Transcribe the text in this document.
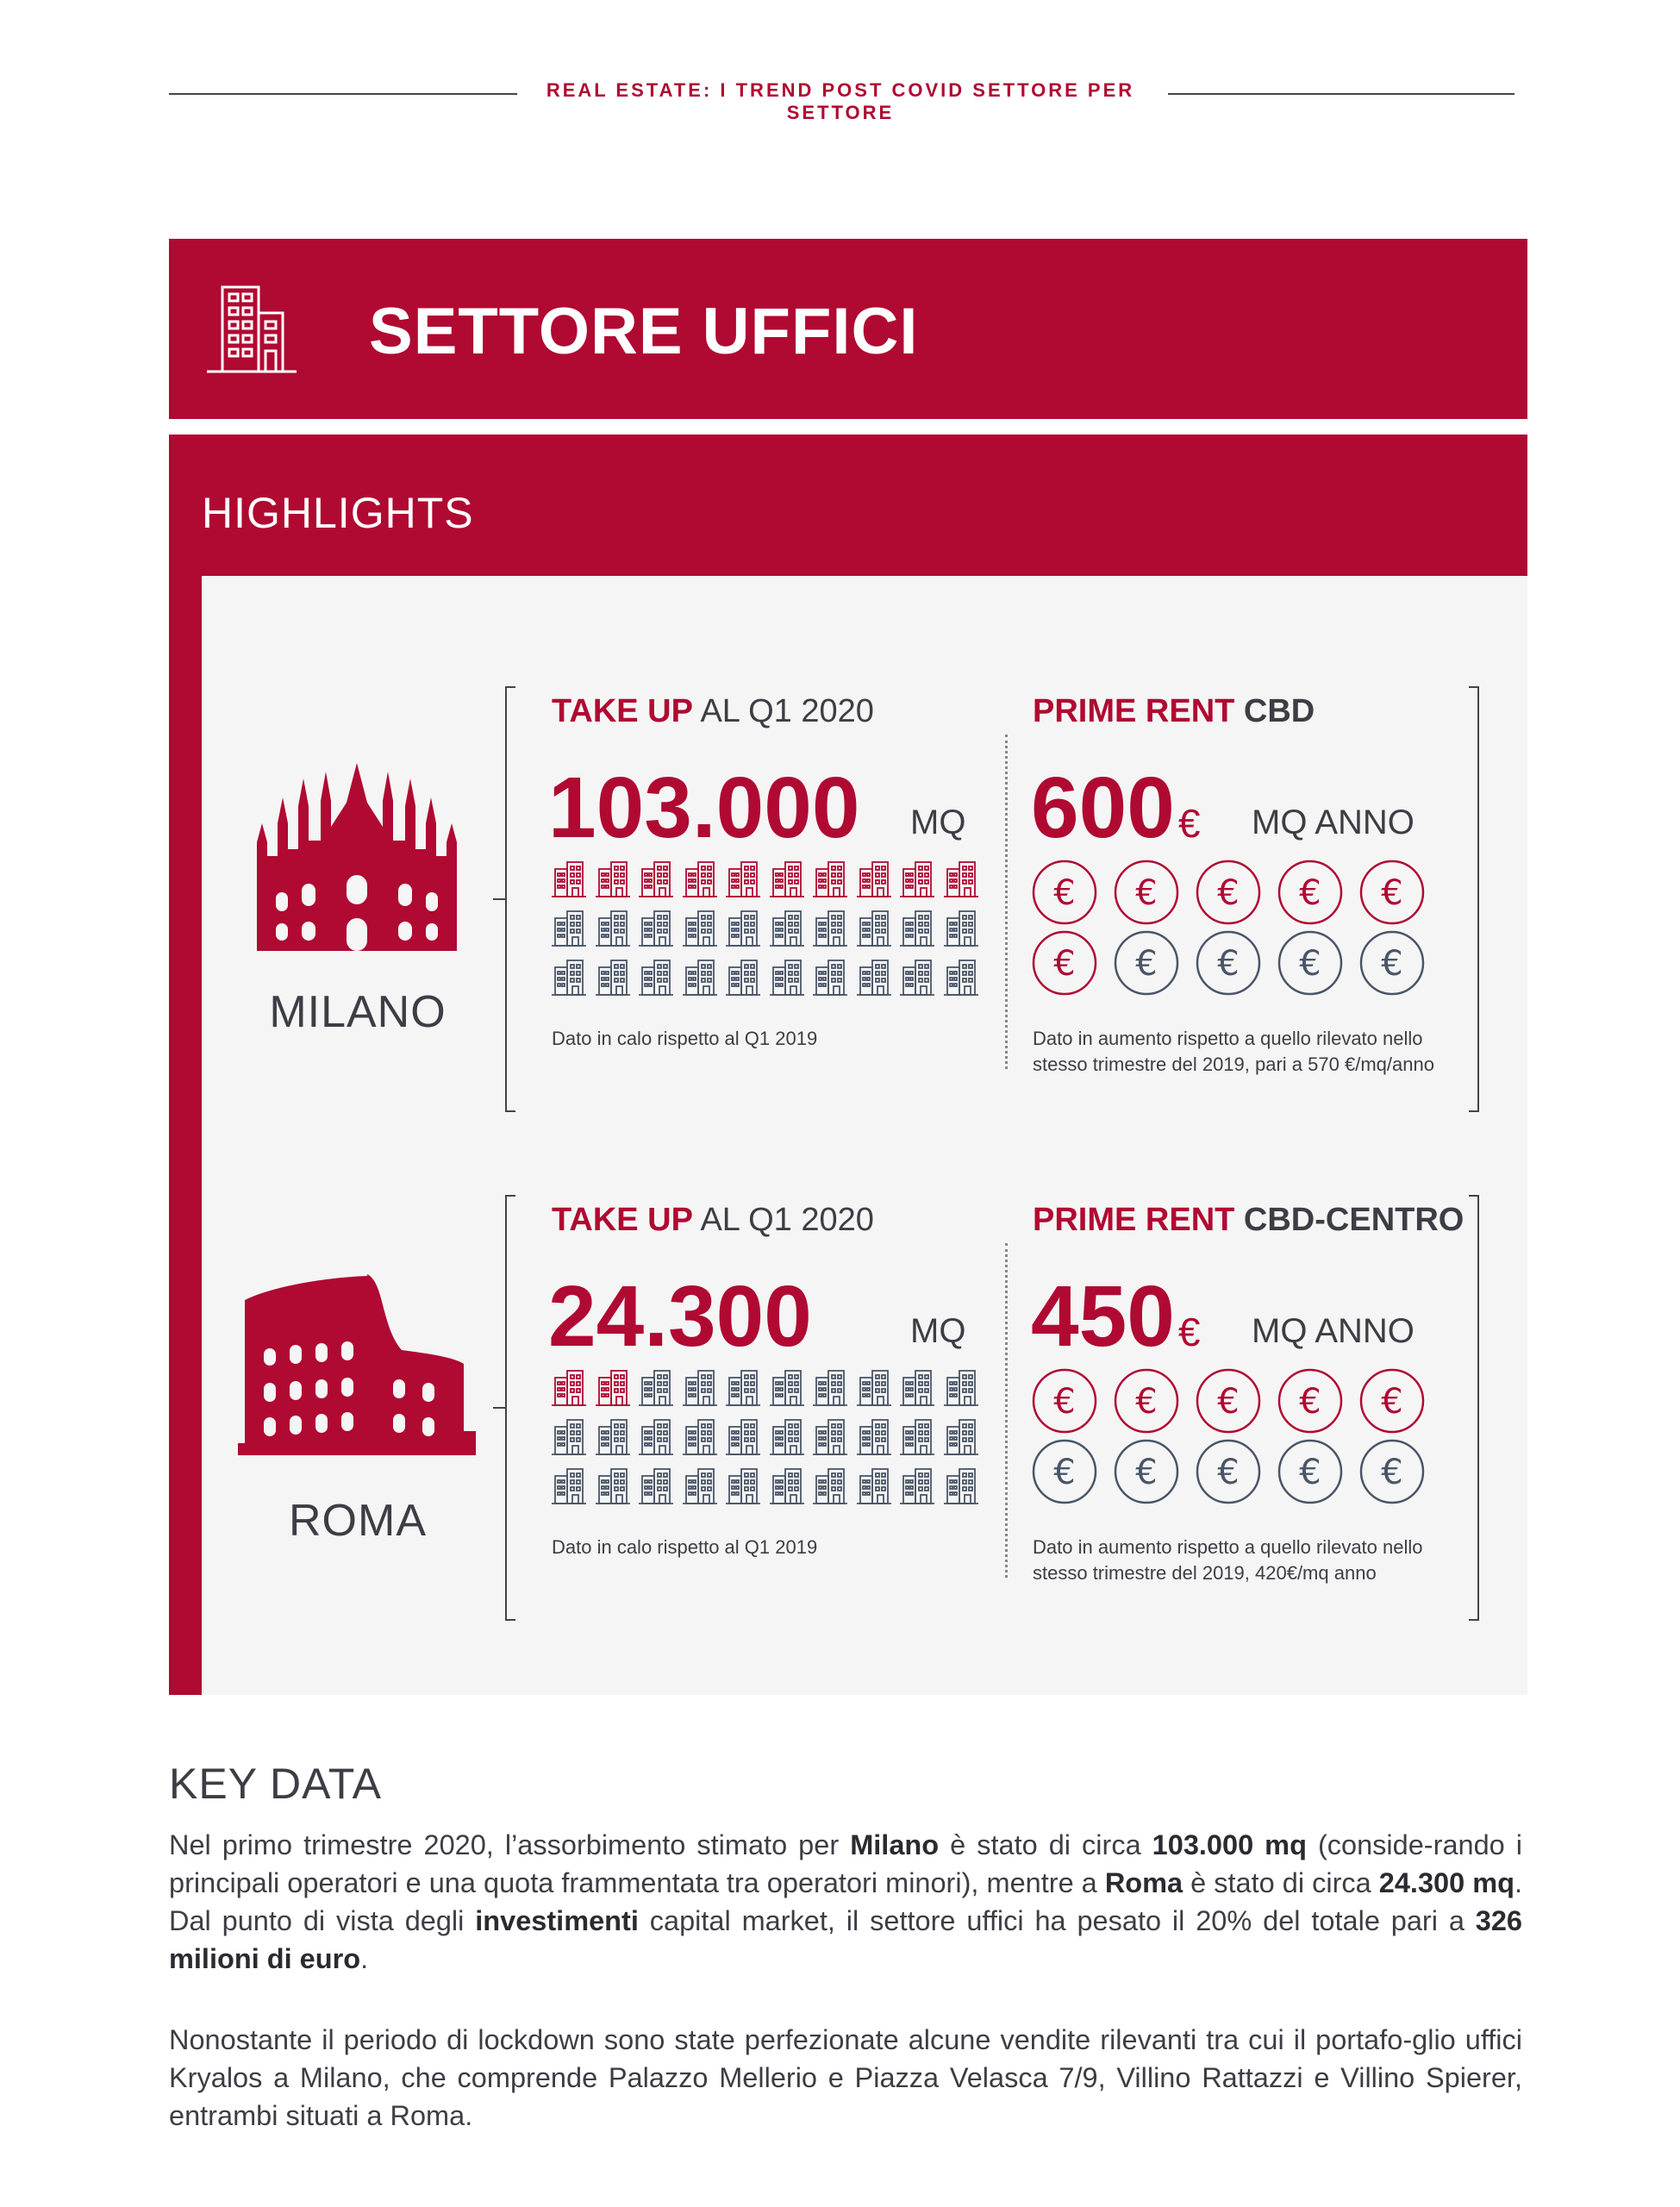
REAL ESTATE: I TREND POST COVID SETTORE PER SETTORE
SETTORE UFFICI
HIGHLIGHTS
MILANO
TAKE UP AL Q1 2020
103.000 MQ
Dato in calo rispetto al Q1 2019
PRIME RENT CBD
600€ MQ ANNO
€ € € € €
€ € € € €
Dato in aumento rispetto a quello rilevato nello stesso trimestre del 2019, pari a 570 €/mq/anno
ROMA
TAKE UP AL Q1 2020
24.300	MQ
Dato in calo rispetto al Q1 2019
PRIME RENT CBD-CENTRO
450€ MQ ANNO
€ € € € €
€ € € € €
Dato in aumento rispetto a quello rilevato nello stesso trimestre del 2019, 420€/mq anno
KEY DATA
Nel primo trimestre 2020, l’assorbimento stimato per Milano è stato di circa 103.000 mq (conside-rando i principali operatori e una quota frammentata tra operatori minori), mentre a Roma è stato di circa 24.300 mq. Dal punto di vista degli investimenti capital market, il settore uffici ha pesato il 20% del totale pari a 326 milioni di euro.
Nonostante il periodo di lockdown sono state perfezionate alcune vendite rilevanti tra cui il portafo-glio uffici Kryalos a Milano, che comprende Palazzo Mellerio e Piazza Velasca 7/9, Villino Rattazzi e Villino Spierer, entrambi situati a Roma.
